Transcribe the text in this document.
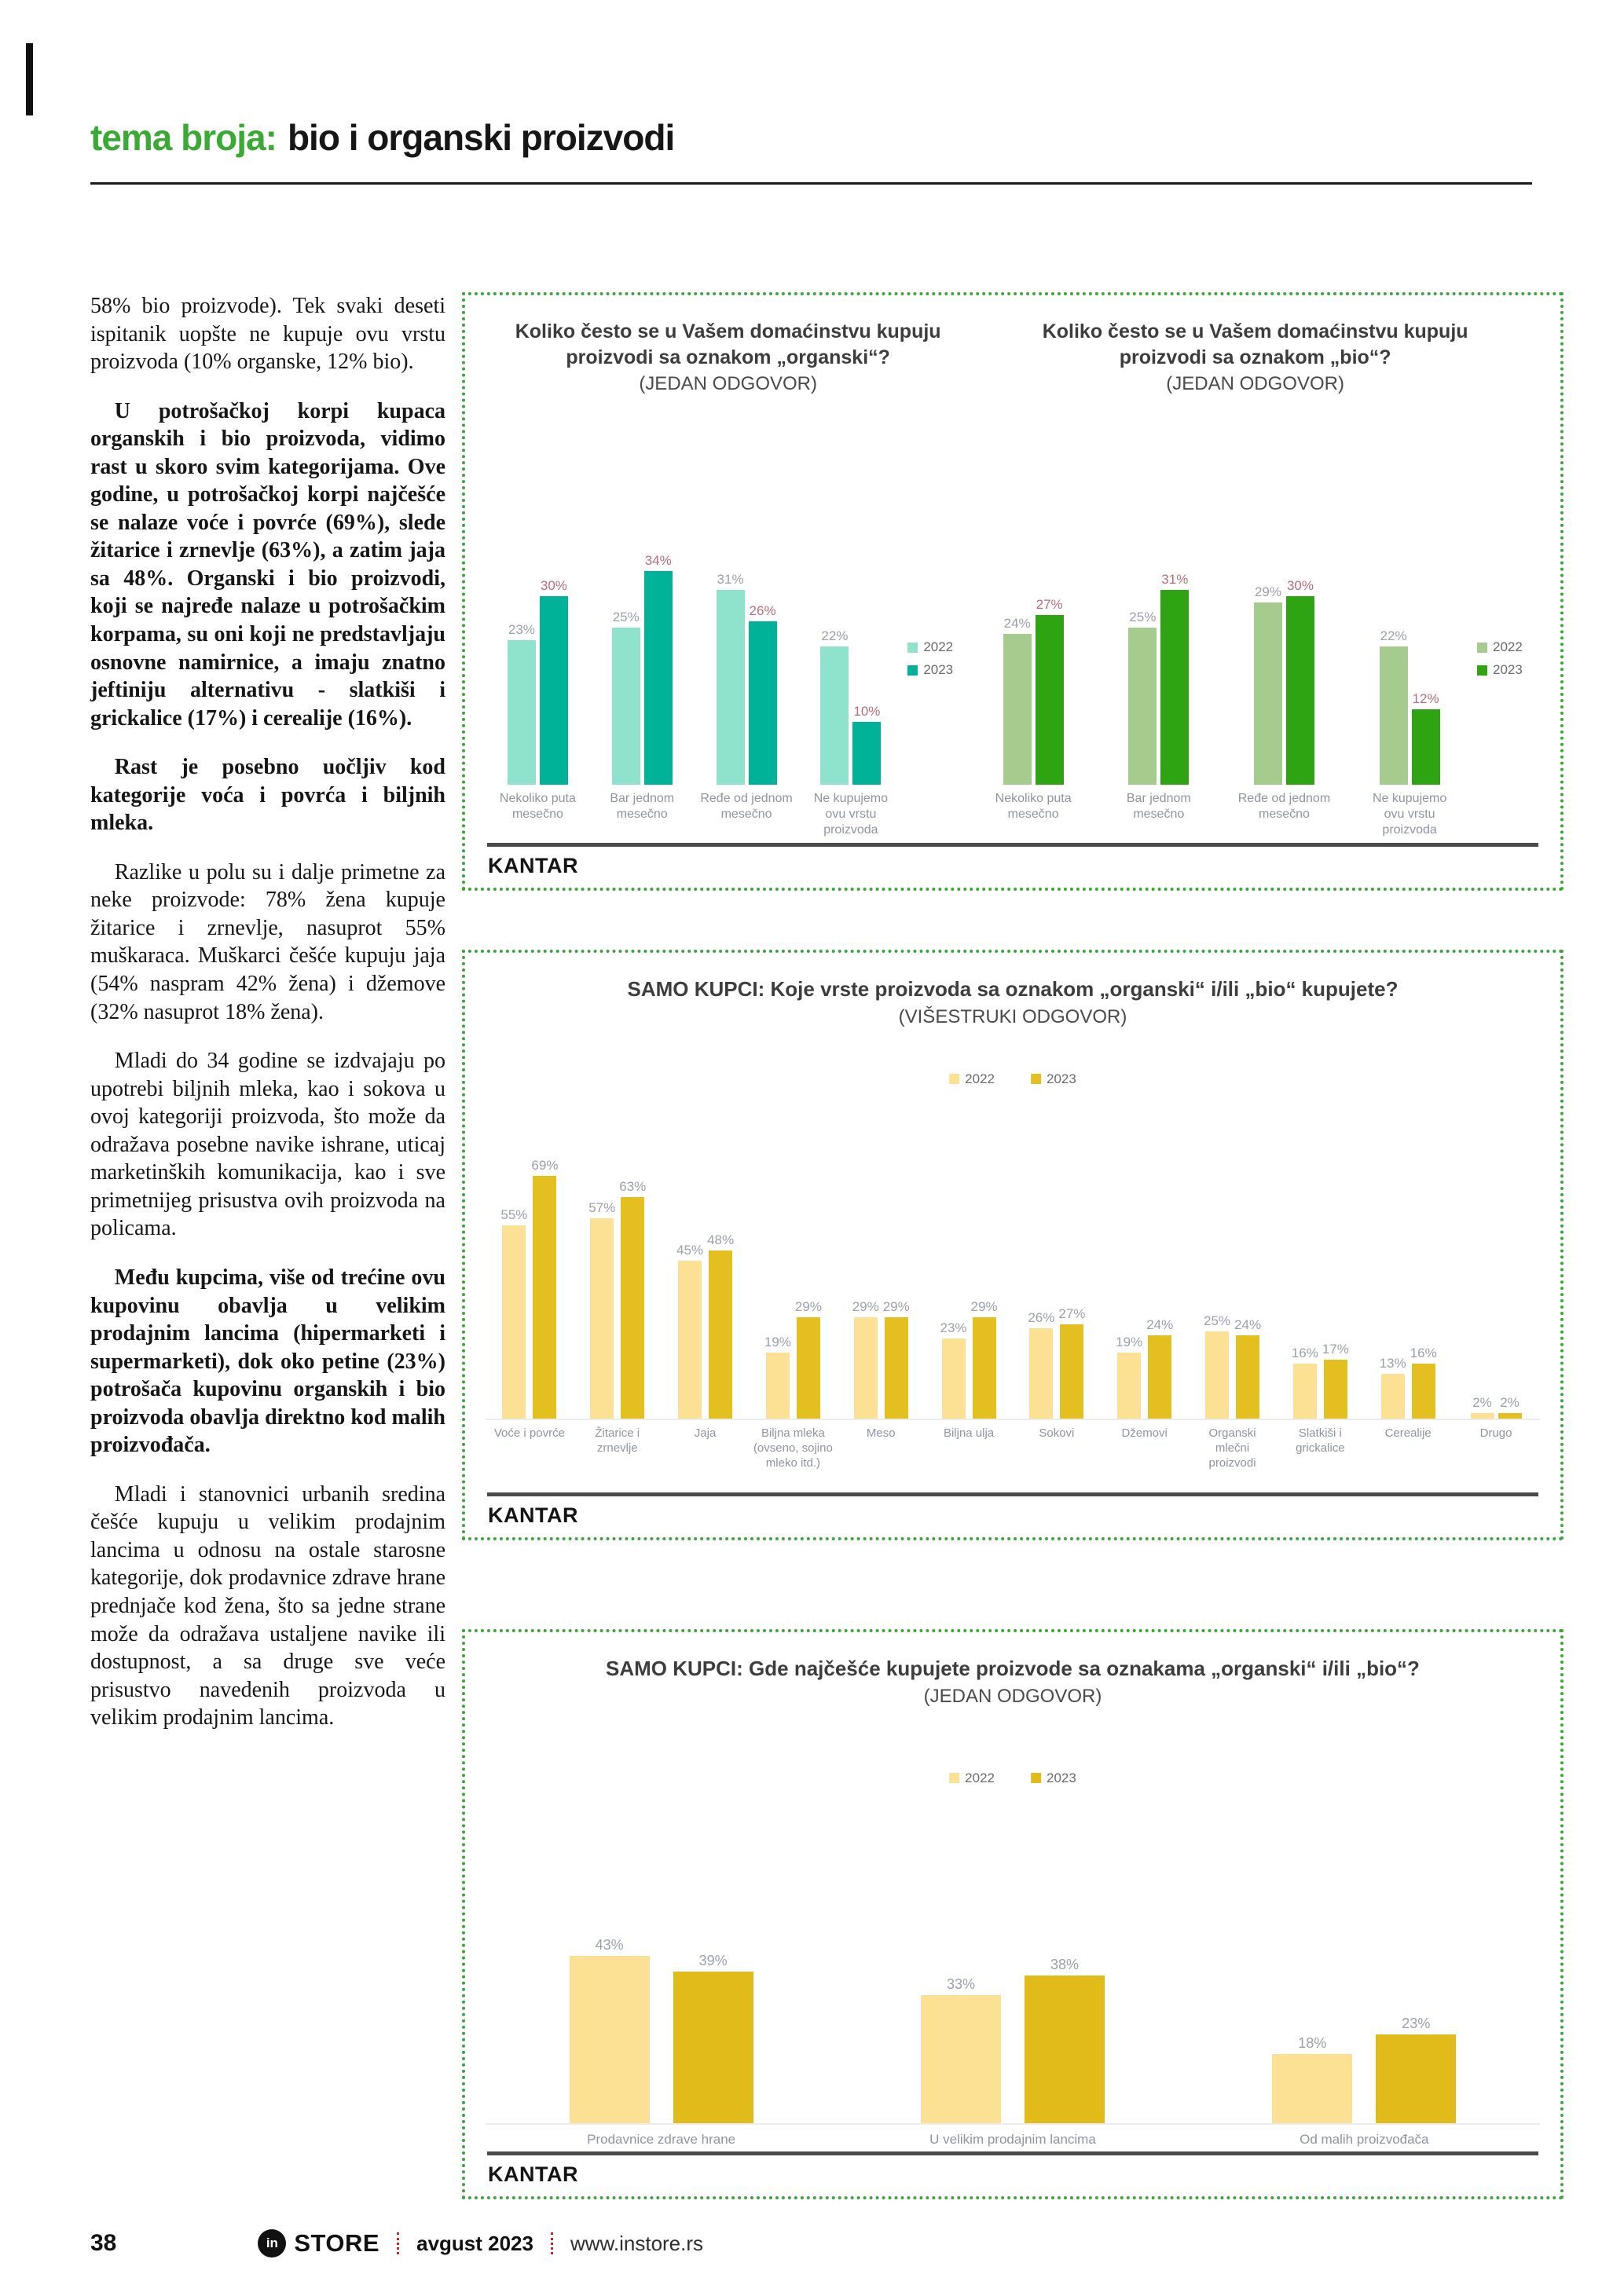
tema broja: bio i organski proizvodi

58% bio proizvode). Tek svaki deseti ispitanik uopšte ne kupuje ovu vrstu proizvoda (10% organske, 12% bio).

U potrošačkoj korpi kupaca organskih i bio proizvoda, vidimo rast u skoro svim kategorijama. Ove godine, u potrošačkoj korpi najčešće se nalaze voće i povrće (69%), slede žitarice i zrnevlje (63%), a zatim jaja sa 48%. Organski i bio proizvodi, koji se najređe nalaze u potrošačkim korpama, su oni koji ne predstavljaju osnovne namirnice, a imaju znatno jeftiniju alternativu - slatkiši i grickalice (17%) i cerealije (16%).

Rast je posebno uočljiv kod kategorije voća i povrća i biljnih mleka.

Razlike u polu su i dalje primetne za neke proizvode: 78% žena kupuje žitarice i zrnevlje, nasuprot 55% muškaraca. Muškarci češće kupuju jaja (54% naspram 42% žena) i džemove (32% nasuprot 18% žena).

Mladi do 34 godine se izdvajaju po upotrebi biljnih mleka, kao i sokova u ovoj kategoriji proizvoda, što može da odražava posebne navike ishrane, uticaj marketinških komunikacija, kao i sve primetnijeg prisustva ovih proizvoda na policama.

Među kupcima, više od trećine ovu kupovinu obavlja u velikim prodajnim lancima (hipermarketi i supermarketi), dok oko petine (23%) potrošača kupovinu organskih i bio proizvoda obavlja direktno kod malih proizvođača.

Mladi i stanovnici urbanih sredina češće kupuju u velikim prodajnim lancima u odnosu na ostale starosne kategorije, dok prodavnice zdrave hrane prednjače kod žena, što sa jedne strane može da odražava ustaljene navike ili dostupnost, a sa druge sve veće prisustvo navedenih proizvoda u velikim prodajnim lancima.

Koliko često se u Vašem domaćinstvu kupuju proizvodi sa oznakom „organski“?
(JEDAN ODGOVOR)
23%
30%
Nekoliko puta mesečno
25%
34%
Bar jednom mesečno
31%
26%
Ređe od jednom mesečno
22%
10%
Ne kupujemo ovu vrstu proizvoda
2022
2023
Koliko često se u Vašem domaćinstvu kupuju proizvodi sa oznakom „bio“?
(JEDAN ODGOVOR)
24%
27%
Nekoliko puta mesečno
25%
31%
Bar jednom mesečno
29% 30%
Ređe od jednom mesečno
22%
12%
Ne kupujemo ovu vrstu proizvoda
2022
2023
KANTAR
SAMO KUPCI: Koje vrste proizvoda sa oznakom „organski“ i/ili „bio“ kupujete?
(VIŠESTRUKI ODGOVOR)
2022	2023
55%
69%
Voće i povrće
57%
63%
Žitarice i zrnevlje
45%
48%
Jaja
19%
29%
Biljna mleka (ovseno, sojino mleko itd.)
29% 29%
Meso
23%
29%
Biljna ulja
26% 27%
Sokovi
19%
24%
Džemovi
25% 24%
Organski mlečni proizvodi
16% 17%
Slatkiši i grickalice
13%
16%
Cerealije
2% 2%
Drugo
KANTAR
SAMO KUPCI: Gde najčešće kupujete proizvode sa oznakama „organski“ i/ili „bio“?
(JEDAN ODGOVOR)
2022	2023
43%
39%
Prodavnice zdrave hrane
33%
38%
U velikim prodajnim lancima
18%
23%
Od malih proizvođača
KANTAR
38	in STORE avgust 2023 www.instore.rs
